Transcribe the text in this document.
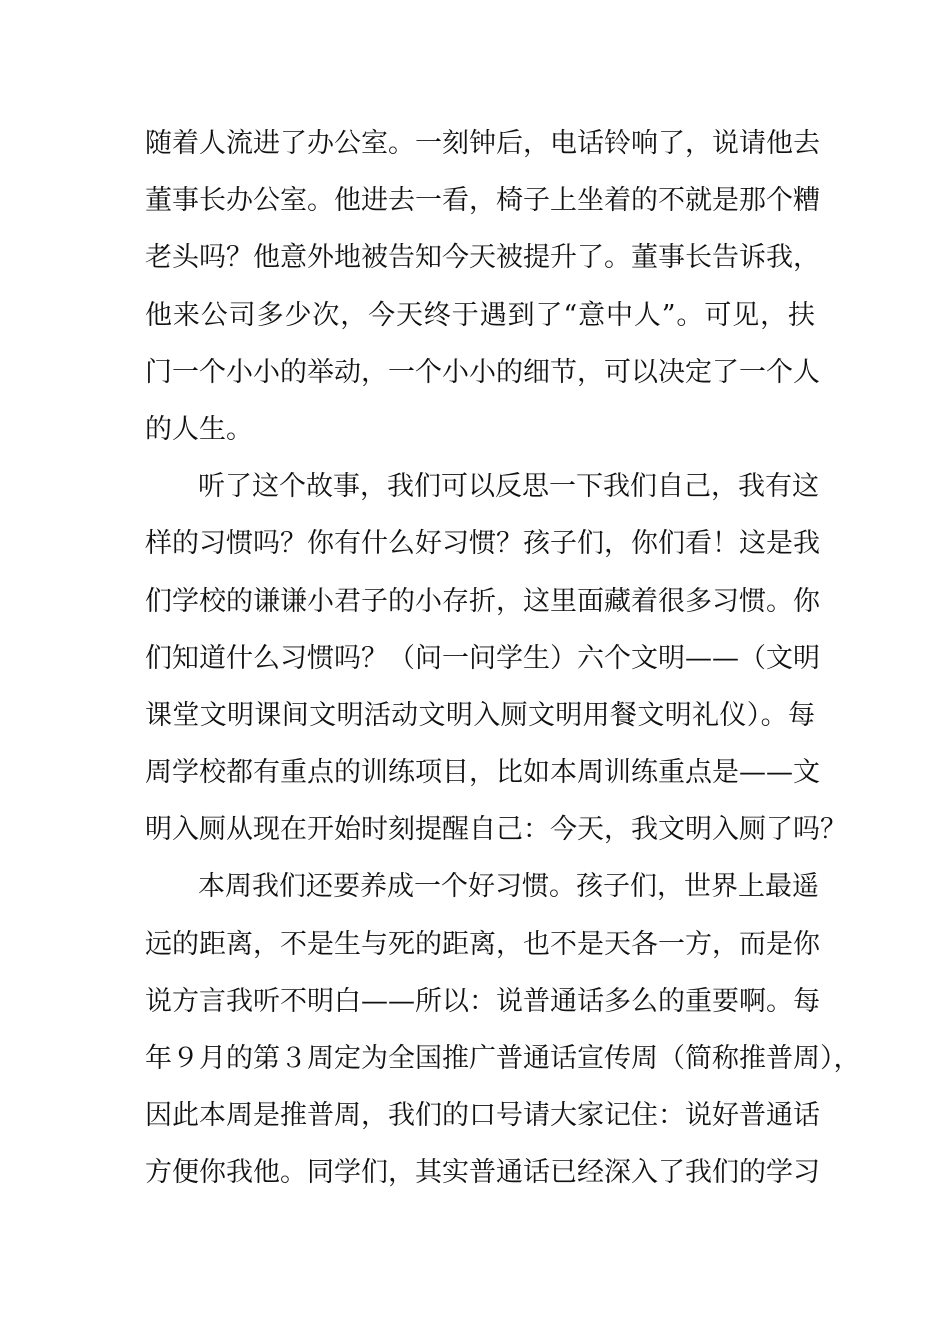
随着人流进了办公室。一刻钟后，电话铃响了，说请他去
董事长办公室。他进去一看，椅子上坐着的不就是那个糟
老头吗？他意外地被告知今天被提升了。董事长告诉我，
他来公司多少次，今天终于遇到了“意中人”。可见，扶
门一个小小的举动，一个小小的细节，可以决定了一个人
的人生。
听了这个故事，我们可以反思一下我们自己，我有这
样的习惯吗？你有什么好习惯？孩子们，你们看！这是我
们学校的谦谦小君子的小存折，这里面藏着很多习惯。你
们知道什么习惯吗？（问一问学生）六个文明——（文明
课堂文明课间文明活动文明入厕文明用餐文明礼仪）。每
周学校都有重点的训练项目，比如本周训练重点是——文
明入厕从现在开始时刻提醒自己：今天，我文明入厕了吗？
本周我们还要养成一个好习惯。孩子们，世界上最遥
远的距离，不是生与死的距离，也不是天各一方，而是你
说方言我听不明白——所以：说普通话多么的重要啊。每
年９月的第３周定为全国推广普通话宣传周（简称推普周），
因此本周是推普周，我们的口号请大家记住：说好普通话
方便你我他。同学们，其实普通话已经深入了我们的学习
